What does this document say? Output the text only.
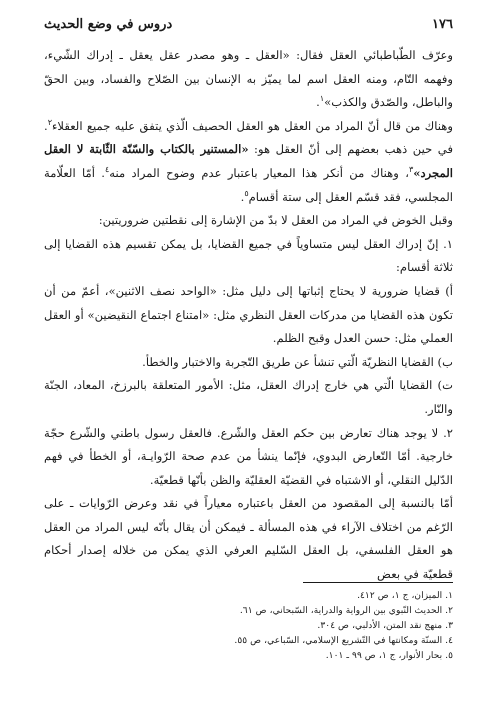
١٧٦
دروس في وضع الحديث

وعرّف الطّباطبائي العقل فقال: «العقل ـ وهو مصدر عقل يعقل ـ إدراك الشّيء، وفهمه التّام، ومنه العقل اسم لما يميّز به الإنسان بين الصّلاح والفساد، وبين الحقّ والباطل، والصّدق والكذب»$^١$.

وهناك من قال أنّ المراد من العقل هو العقل الحصيف الّذي يتفق عليه جميع العقلاء$^٢$. في حين ذهب بعضهم إلى أنّ العقل هو: «المستنير بالكتاب والسّنّة الثّابتة لا العقل المجرد»$^٣$، وهناك من أنكر هذا المعيار باعتبار عدم وضوح المراد منه$^٤$. أمّا العلّامة المجلسي، فقد قسّم العقل إلى ستة أقسام$^٥$.

وقبل الخوض في المراد من العقل لا بدّ من الإشارة إلى نقطتين ضروريتين:

١. إنّ إدراك العقل ليس متساوياً في جميع القضايا، بل يمكن تقسيم هذه القضايا إلى ثلاثة أقسام:

أ) قضايا ضرورية لا يحتاج إثباتها إلى دليل مثل: «الواحد نصف الاثنين»، أعمّ من أن تكون هذه القضايا من مدركات العقل النظري مثل: «امتناع اجتماع النقيضين» أو العقل العملي مثل: حسن العدل وقبح الظلم.

ب) القضايا النظريّة الّتي تنشأ عن طريق التّجربة والاختبار والخطأ.

ت) القضايا الّتي هي خارج إدراك العقل، مثل: الأمور المتعلقة بالبرزخ، المعاد، الجنّة والنّار.

٢. لا يوجد هناك تعارض بين حكم العقل والشّرع. فالعقل رسول باطني والشّرع حجّة خارجية. أمّا التّعارض البدوي، فإنّما ينشأ من عدم صحة الرّوايـة، أو الخطأ في فهم الدّليل النقلي، أو الاشتباه في القضيّة العقليّة والظن بأنّها قطعيّة.

أمّا بالنسبة إلى المقصود من العقل باعتباره معياراً في نقد وعرض الرّوايات ـ على الرّغم من اختلاف الآراء في هذه المسألة ـ فيمكن أن يقال بأنّه ليس المراد من العقل هو العقل الفلسفي، بل العقل السّليم العرفي الذي يمكن من خلاله إصدار أحكام قطعيّة في بعض

١. الميزان، ج ١، ص ٤١٢.
٢. الحديث النّبوي بين الرواية والدراية، السّبحاني، ص ٦١.
٣. منهج نقد المتن، الأدلبي، ص ٣٠٤.
٤. السنّة ومكانتها في التّشريع الإسلامي، السّباعي، ص ٥٥.
٥. بحار الأنوار، ج ١، ص ٩٩ ـ ١٠١.
